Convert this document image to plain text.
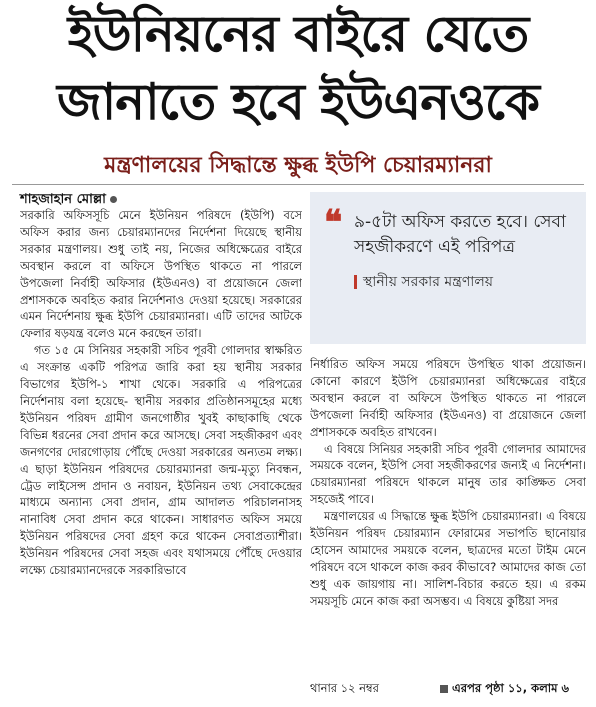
ইউনিয়নের বাইরে যেতে
জানাতে হবে ইউএনওকে
মন্ত্রণালয়ের সিদ্ধান্তে ক্ষুব্ধ ইউপি চেয়ারম্যানরা
শাহজাহান মোল্লা

সরকারি অফিসসূচি মেনে ইউনিয়ন পরিষদে (ইউপি) বসে অফিস করার জন্য চেয়ারম্যানদের নির্দেশনা দিয়েছে স্থানীয় সরকার মন্ত্রণালয়। শুধু তাই নয়, নিজের অধিক্ষেত্রের বাইরে অবস্থান করলে বা অফিসে উপস্থিত থাকতে না পারলে উপজেলা নির্বাহী অফিসার (ইউএনও) বা প্রয়োজনে জেলা প্রশাসককে অবহিত করার নির্দেশনাও দেওয়া হয়েছে। সরকারের এমন নির্দেশনায় ক্ষুব্ধ ইউপি চেয়ারম্যানরা। এটি তাদের আটকে ফেলার ষড়যন্ত্র বলেও মনে করছেন তারা।

গত ১৫ মে সিনিয়র সহকারী সচিব পূরবী গোলদার স্বাক্ষরিত এ সংক্রান্ত একটি পরিপত্র জারি করা হয় স্থানীয় সরকার বিভাগের ইউপি-১ শাখা থেকে। সরকারি এ পরিপত্রের নির্দেশনায় বলা হয়েছে- স্থানীয় সরকার প্রতিষ্ঠানসমূহের মধ্যে ইউনিয়ন পরিষদ গ্রামীণ জনগোষ্ঠীর খুবই কাছাকাছি থেকে বিভিন্ন ধরনের সেবা প্রদান করে আসছে। সেবা সহজীকরণ এবং জনগণের দোরগোড়ায় পৌঁছে দেওয়া সরকারের অন্যতম লক্ষ্য। এ ছাড়া ইউনিয়ন পরিষদের চেয়ারম্যানরা জন্ম-মৃত্যু নিবন্ধন, ট্রেড লাইসেন্স প্রদান ও নবায়ন, ইউনিয়ন তথ্য সেবাকেন্দ্রের মাধ্যমে অন্যান্য সেবা প্রদান, গ্রাম আদালত পরিচালনাসহ নানাবিধ সেবা প্রদান করে থাকেন। সাধারণত অফিস সময়ে ইউনিয়ন পরিষদের সেবা গ্রহণ করে থাকেন সেবাপ্রত্যাশীরা। ইউনিয়ন পরিষদের সেবা সহজ এবং যথাসময়ে পৌঁছে দেওয়ার লক্ষ্যে চেয়ারম্যানদেরকে সরকারিভাবে

❝ ৯-৫টা অফিস করতে হবে। সেবা সহজীকরণে এই পরিপত্র
স্থানীয় সরকার মন্ত্রণালয়

নির্ধারিত অফিস সময়ে পরিষদে উপস্থিত থাকা প্রয়োজন। কোনো কারণে ইউপি চেয়ারম্যানরা অধিক্ষেত্রের বাইরে অবস্থান করলে বা অফিসে উপস্থিত থাকতে না পারলে উপজেলা নির্বাহী অফিসার (ইউএনও) বা প্রয়োজনে জেলা প্রশাসককে অবহিত রাখবেন।

এ বিষয়ে সিনিয়র সহকারী সচিব পূরবী গোলদার আমাদের সময়কে বলেন, ইউপি সেবা সহজীকরণের জন্যই এ নির্দেশনা। চেয়ারম্যানরা পরিষদে থাকলে মানুষ তার কাঙ্ক্ষিত সেবা সহজেই পাবে।

মন্ত্রণালয়ের এ সিদ্ধান্তে ক্ষুব্ধ ইউপি চেয়ারম্যানরা। এ বিষয়ে ইউনিয়ন পরিষদ চেয়ারম্যান ফোরামের সভাপতি ছানোয়ার হোসেন আমাদের সময়কে বলেন, ছাত্রদের মতো টাইম মেনে পরিষদে বসে থাকলে কাজ করব কীভাবে? আমাদের কাজ তো শুধু এক জায়গায় না। সালিশ-বিচার করতে হয়। এ রকম সময়সূচি মেনে কাজ করা অসম্ভব। এ বিষয়ে কুষ্টিয়া সদর

থানার ১২ নম্বর	এরপর পৃষ্ঠা ১১, কলাম ৬
